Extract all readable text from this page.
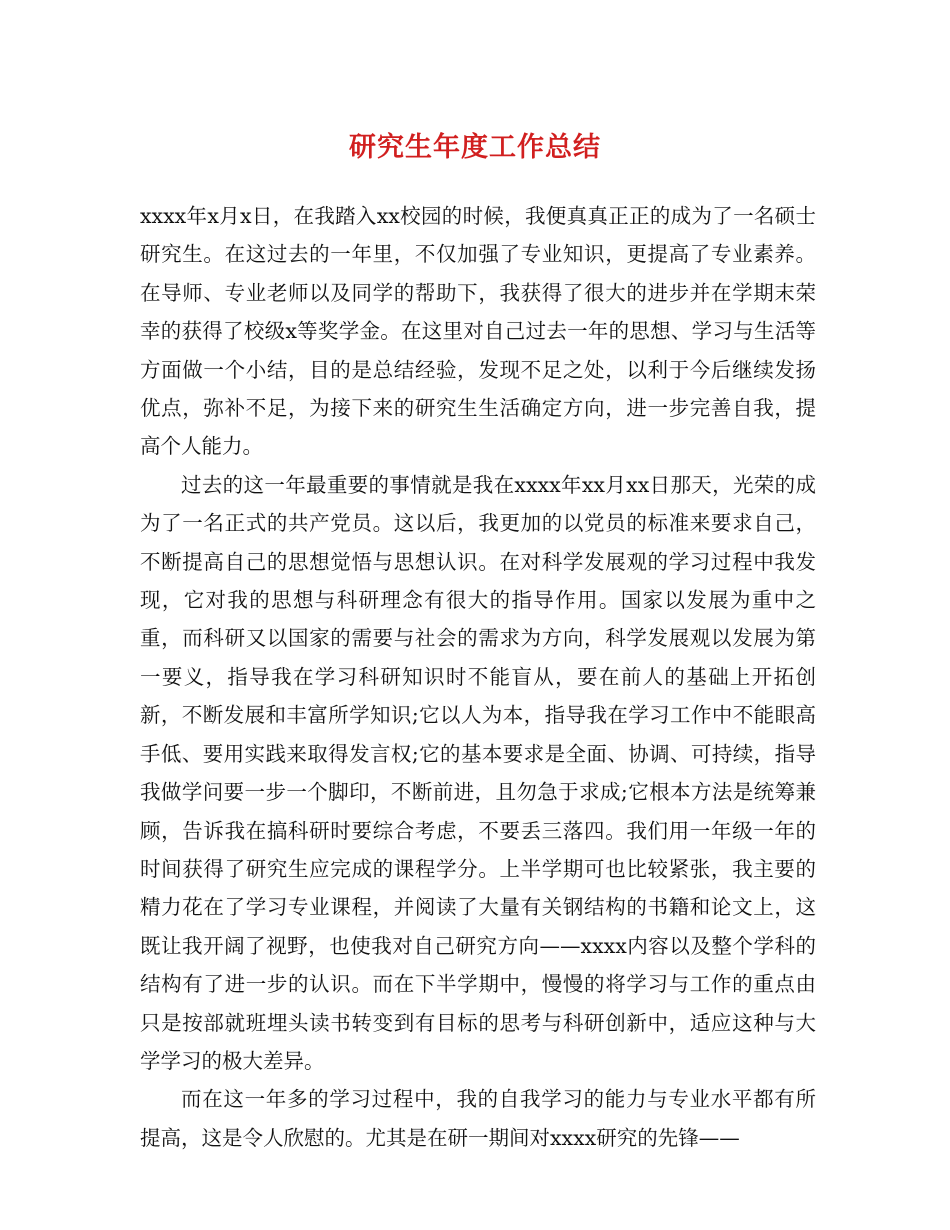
研究生年度工作总结

xxxx年x月x日，在我踏入xx校园的时候，我便真真正正的成为了一名硕士研究生。在这过去的一年里，不仅加强了专业知识，更提高了专业素养。在导师、专业老师以及同学的帮助下，我获得了很大的进步并在学期末荣幸的获得了校级x等奖学金。在这里对自己过去一年的思想、学习与生活等方面做一个小结，目的是总结经验，发现不足之处，以利于今后继续发扬优点，弥补不足，为接下来的研究生生活确定方向，进一步完善自我，提高个人能力。

过去的这一年最重要的事情就是我在xxxx年xx月xx日那天，光荣的成为了一名正式的共产党员。这以后，我更加的以党员的标准来要求自己，不断提高自己的思想觉悟与思想认识。在对科学发展观的学习过程中我发现，它对我的思想与科研理念有很大的指导作用。国家以发展为重中之重，而科研又以国家的需要与社会的需求为方向，科学发展观以发展为第一要义，指导我在学习科研知识时不能盲从，要在前人的基础上开拓创新，不断发展和丰富所学知识;它以人为本，指导我在学习工作中不能眼高手低、要用实践来取得发言权;它的基本要求是全面、协调、可持续，指导我做学问要一步一个脚印，不断前进，且勿急于求成;它根本方法是统筹兼顾，告诉我在搞科研时要综合考虑，不要丢三落四。我们用一年级一年的时间获得了研究生应完成的课程学分。上半学期可也比较紧张，我主要的精力花在了学习专业课程，并阅读了大量有关钢结构的书籍和论文上，这既让我开阔了视野，也使我对自己研究方向——xxxx内容以及整个学科的结构有了进一步的认识。而在下半学期中，慢慢的将学习与工作的重点由只是按部就班埋头读书转变到有目标的思考与科研创新中，适应这种与大学学习的极大差异。

而在这一年多的学习过程中，我的自我学习的能力与专业水平都有所提高，这是令人欣慰的。尤其是在研一期间对xxxx研究的先锋——
